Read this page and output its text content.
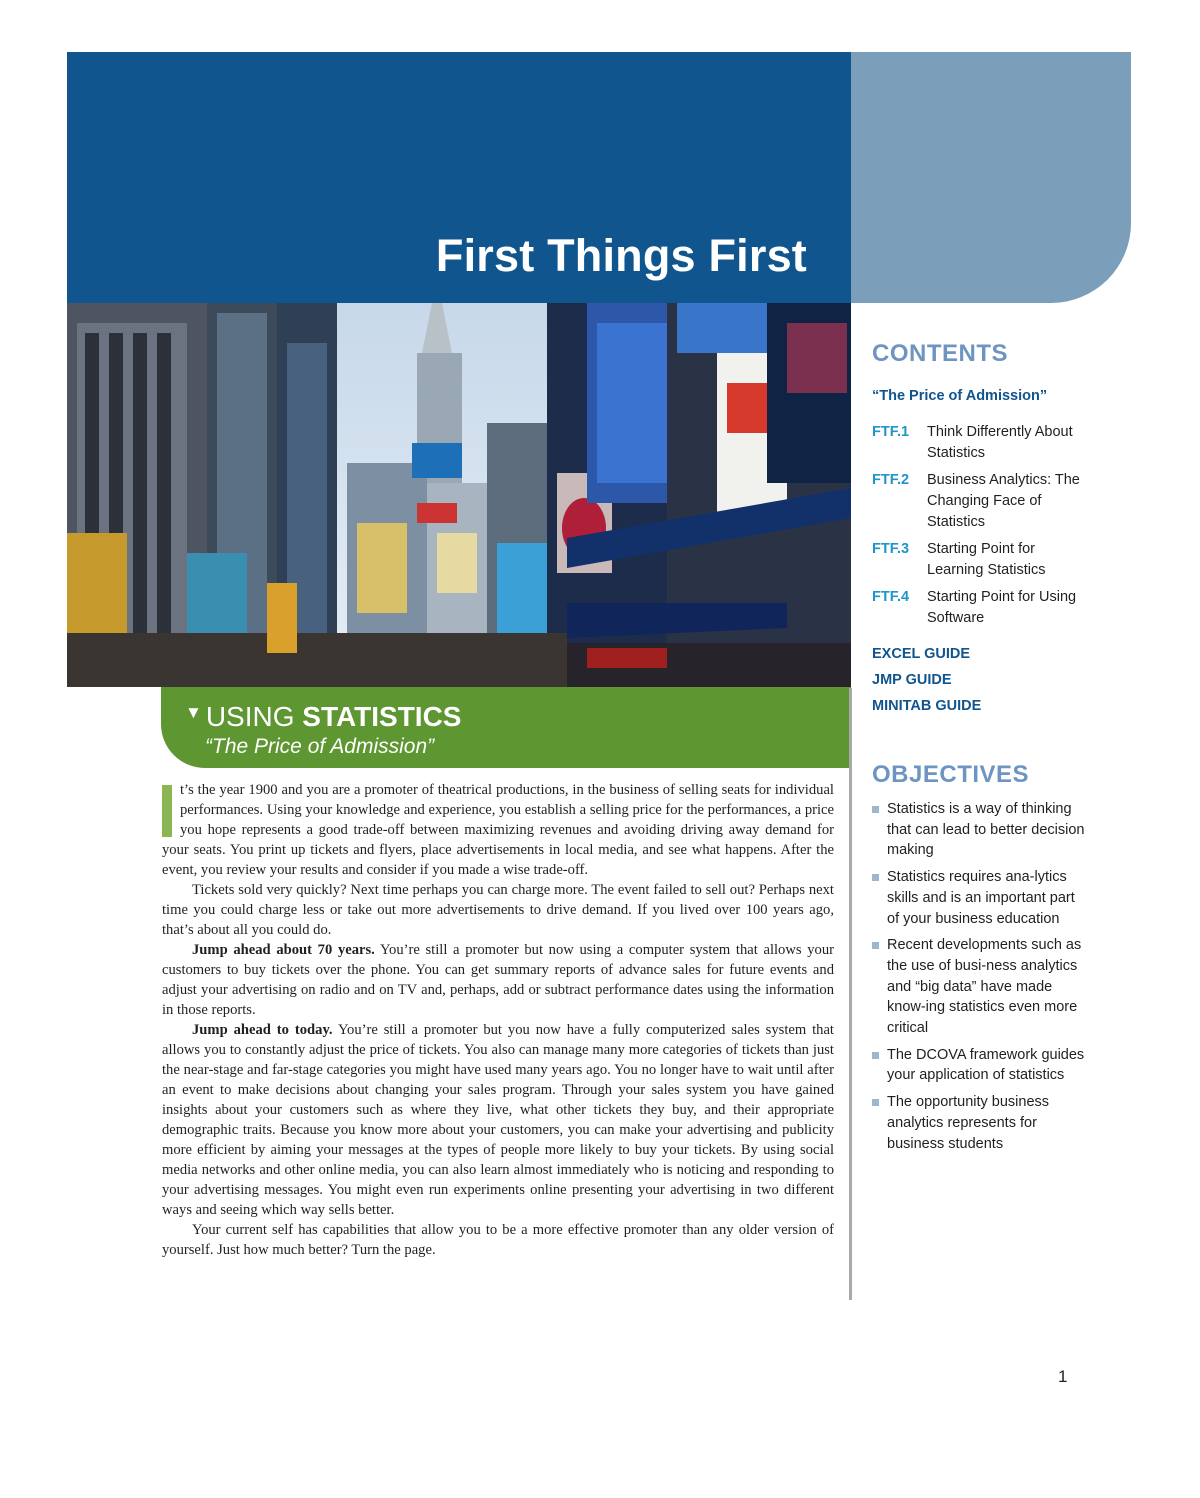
First Things First
▼ USING STATISTICS
“The Price of Admission”

t’s the year 1900 and you are a promoter of theatrical productions, in the business of selling seats for individual performances. Using your knowledge and experience, you establish a selling price for the performances, a price you hope represents a good trade-off between maximizing revenues and avoiding driving away demand for your seats. You print up tickets and flyers, place advertisements in local media, and see what happens. After the event, you review your results and consider if you made a wise trade-off.

Tickets sold very quickly? Next time perhaps you can charge more. The event failed to sell out? Perhaps next time you could charge less or take out more advertisements to drive demand. If you lived over 100 years ago, that’s about all you could do.

Jump ahead about 70 years. You’re still a promoter but now using a computer system that allows your customers to buy tickets over the phone. You can get summary reports of advance sales for future events and adjust your advertising on radio and on TV and, perhaps, add or subtract performance dates using the information in those reports.

Jump ahead to today. You’re still a promoter but you now have a fully computerized sales system that allows you to constantly adjust the price of tickets. You also can manage many more categories of tickets than just the near-stage and far-stage categories you might have used many years ago. You no longer have to wait until after an event to make decisions about changing your sales program. Through your sales system you have gained insights about your customers such as where they live, what other tickets they buy, and their appropriate demographic traits. Because you know more about your customers, you can make your advertising and publicity more efficient by aiming your messages at the types of people more likely to buy your tickets. By using social media networks and other online media, you can also learn almost immediately who is noticing and responding to your advertising messages. You might even run experiments online presenting your advertising in two different ways and seeing which way sells better.

Your current self has capabilities that allow you to be a more effective promoter than any older version of yourself. Just how much better? Turn the page.

CONTENTS
“The Price of Admission”
FTF.1	Think Differently About Statistics
FTF.2	Business Analytics: The Changing Face of Statistics
FTF.3	Starting Point for Learning Statistics
FTF.4	Starting Point for Using Software
EXCEL GUIDE
JMP GUIDE
MINITAB GUIDE
OBJECTIVES
Statistics is a way of thinking that can lead to better decision making
Statistics requires ana-lytics skills and is an important part of your business education
Recent developments such as the use of busi-ness analytics and “big data” have made know-ing statistics even more critical
The DCOVA framework guides your application of statistics
The opportunity business analytics represents for business students
1
